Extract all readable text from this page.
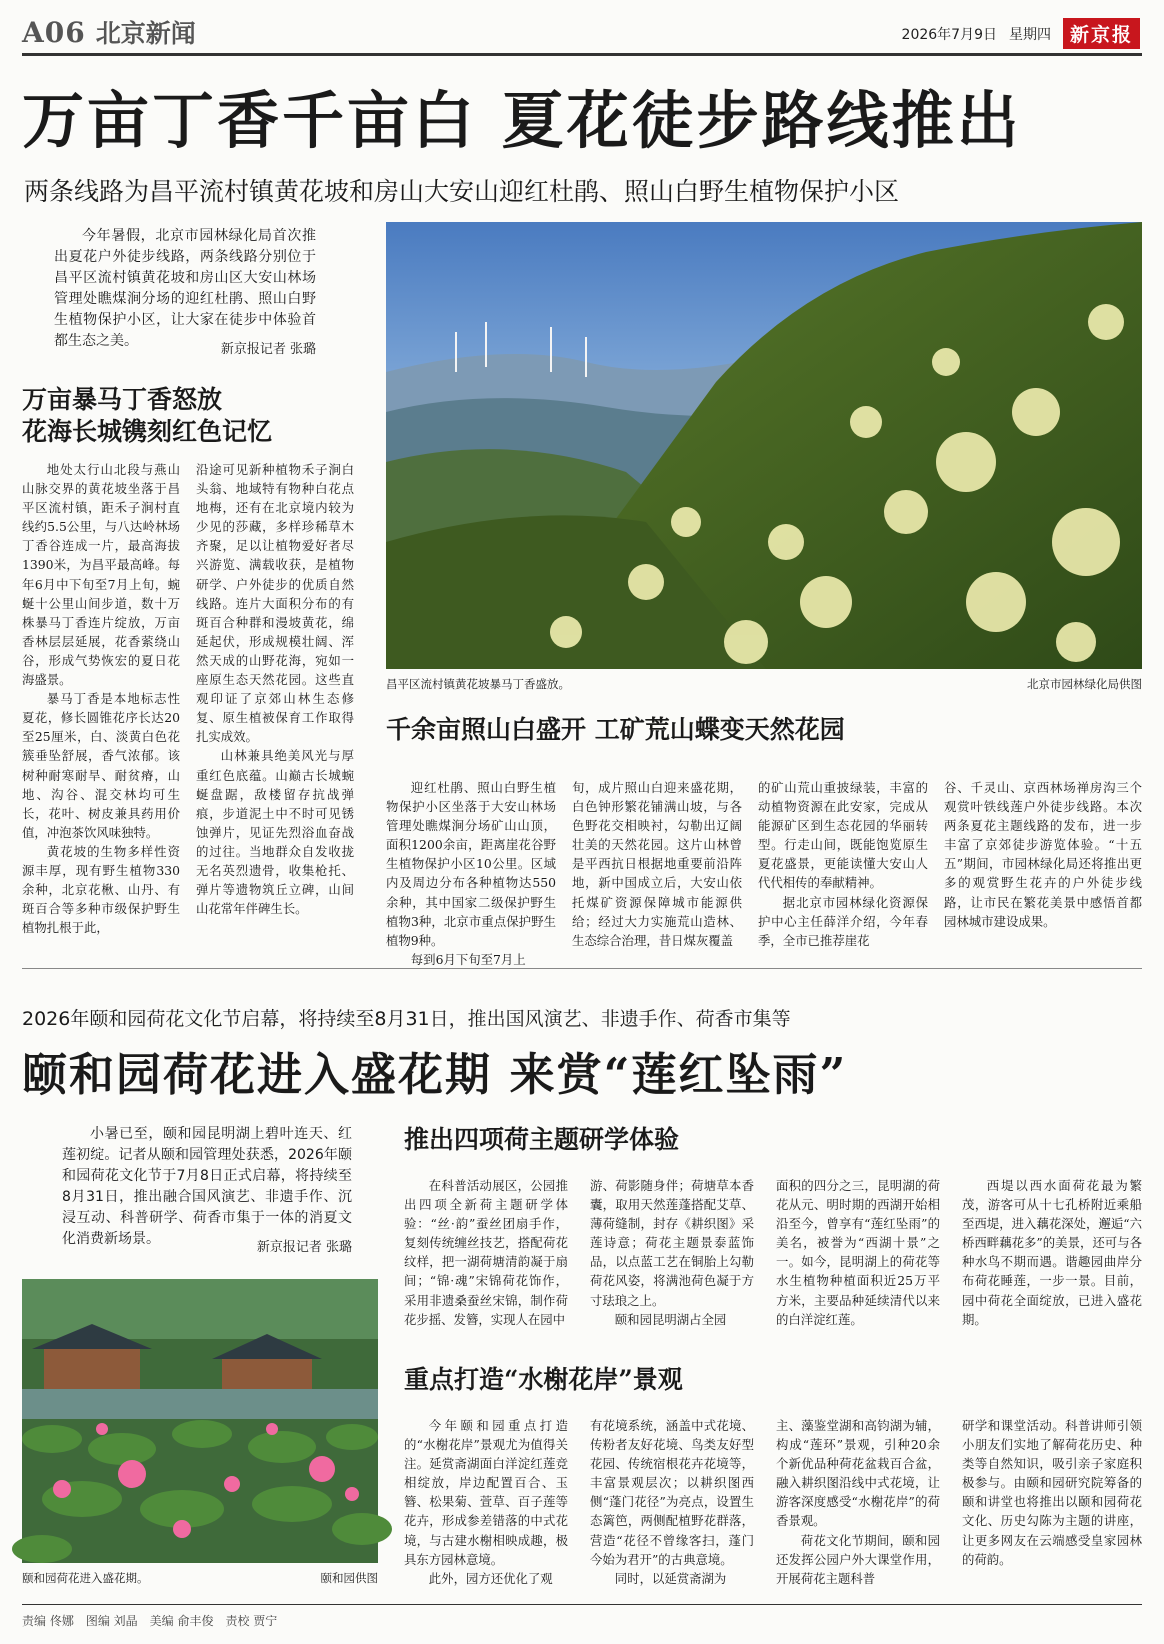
A06 北京新闻	2026年7月9日 星期四	新京报
万亩丁香千亩白 夏花徒步路线推出
两条线路为昌平流村镇黄花坡和房山大安山迎红杜鹃、照山白野生植物保护小区
今年暑假，北京市园林绿化局首次推出夏花户外徒步线路，两条线路分别位于昌平区流村镇黄花坡和房山区大安山林场管理处瞧煤涧分场的迎红杜鹃、照山白野生植物保护小区，让大家在徒步中体验首都生态之美。
新京报记者 张璐
万亩暴马丁香怒放
花海长城镌刻红色记忆

地处太行山北段与燕山山脉交界的黄花坡坐落于昌平区流村镇，距禾子涧村直线约5.5公里，与八达岭林场丁香谷连成一片，最高海拔1390米，为昌平最高峰。每年6月中下旬至7月上旬，蜿蜒十公里山间步道，数十万株暴马丁香连片绽放，万亩香林层层延展，花香萦绕山谷，形成气势恢宏的夏日花海盛景。

暴马丁香是本地标志性夏花，修长圆锥花序长达20至25厘米，白、淡黄白色花簇垂坠舒展，香气浓郁。该树种耐寒耐旱、耐贫瘠，山地、沟谷、混交林均可生长，花叶、树皮兼具药用价值，冲泡茶饮风味独特。

黄花坡的生物多样性资源丰厚，现有野生植物330余种，北京花楸、山丹、有斑百合等多种市级保护野生植物扎根于此，

沿途可见新种植物禾子涧白头翁、地域特有物种白花点地梅，还有在北京境内较为少见的莎藏，多样珍稀草木齐聚，足以让植物爱好者尽兴游览、满载收获，是植物研学、户外徒步的优质自然线路。连片大面积分布的有斑百合种群和漫坡黄花，绵延起伏，形成规模壮阔、浑然天成的山野花海，宛如一座原生态天然花园。这些直观印证了京郊山林生态修复、原生植被保育工作取得扎实成效。

山林兼具绝美风光与厚重红色底蕴。山巅古长城蜿蜒盘踞，敌楼留存抗战弹痕，步道泥土中不时可见锈蚀弹片，见证先烈浴血奋战的过往。当地群众自发收拢无名英烈遗骨，收集枪托、弹片等遗物筑丘立碑，山间山花常年伴碑生长。

昌平区流村镇黄花坡暴马丁香盛放。	北京市园林绿化局供图
千余亩照山白盛开 工矿荒山蝶变天然花园

迎红杜鹃、照山白野生植物保护小区坐落于大安山林场管理处瞧煤涧分场矿山山顶，面积1200余亩，距离崖花谷野生植物保护小区10公里。区域内及周边分布各种植物达550余种，其中国家二级保护野生植物3种，北京市重点保护野生植物9种。

每到6月下旬至7月上

旬，成片照山白迎来盛花期，白色钟形繁花铺满山坡，与各色野花交相映衬，勾勒出辽阔壮美的天然花园。这片山林曾是平西抗日根据地重要前沿阵地，新中国成立后，大安山依托煤矿资源保障城市能源供给；经过大力实施荒山造林、生态综合治理，昔日煤灰覆盖

的矿山荒山重披绿装，丰富的动植物资源在此安家，完成从能源矿区到生态花园的华丽转型。行走山间，既能饱览原生夏花盛景，更能读懂大安山人代代相传的奉献精神。

据北京市园林绿化资源保护中心主任薛洋介绍，今年春季，全市已推荐崖花

谷、千灵山、京西林场禅房沟三个观赏叶铁线莲户外徒步线路。本次两条夏花主题线路的发布，进一步丰富了京郊徒步游览体验。“十五五”期间，市园林绿化局还将推出更多的观赏野生花卉的户外徒步线路，让市民在繁花美景中感悟首都园林城市建设成果。

2026年颐和园荷花文化节启幕，将持续至8月31日，推出国风演艺、非遗手作、荷香市集等
颐和园荷花进入盛花期 来赏“莲红坠雨”
小暑已至，颐和园昆明湖上碧叶连天、红莲初绽。记者从颐和园管理处获悉，2026年颐和园荷花文化节于7月8日正式启幕，将持续至8月31日，推出融合国风演艺、非遗手作、沉浸互动、科普研学、荷香市集于一体的消夏文化消费新场景。
新京报记者 张璐
颐和园荷花进入盛花期。	颐和园供图
推出四项荷主题研学体验

在科普活动展区，公园推出四项全新荷主题研学体验：“丝·韵”蚕丝团扇手作，复刻传统缠丝技艺，搭配荷花纹样，把一湖荷塘清韵凝于扇间；“锦·魂”宋锦荷花饰作，采用非遗桑蚕丝宋锦，制作荷花步摇、发簪，实现人在园中

游、荷影随身伴；荷塘草本香囊，取用天然莲蓬搭配艾草、薄荷缝制，封存《耕织图》采莲诗意；荷花主题景泰蓝饰品，以点蓝工艺在铜胎上勾勒荷花风姿，将满池荷色凝于方寸珐琅之上。

颐和园昆明湖占全园

面积的四分之三，昆明湖的荷花从元、明时期的西湖开始相沿至今，曾享有“莲红坠雨”的美名，被誉为“西湖十景”之一。如今，昆明湖上的荷花等水生植物种植面积近25万平方米，主要品种延续清代以来的白洋淀红莲。

西堤以西水面荷花最为繁茂，游客可从十七孔桥附近乘船至西堤，进入藕花深处，邂逅“六桥西畔藕花多”的美景，还可与各种水鸟不期而遇。谐趣园曲岸分布荷花睡莲，一步一景。目前，园中荷花全面绽放，已进入盛花期。

重点打造“水榭花岸”景观

今年颐和园重点打造的“水榭花岸”景观尤为值得关注。延赏斋湖面白洋淀红莲竞相绽放，岸边配置百合、玉簪、松果菊、萱草、百子莲等花卉，形成参差错落的中式花境，与古建水榭相映成趣，极具东方园林意境。

此外，园方还优化了观

有花境系统，涵盖中式花境、传粉者友好花境、鸟类友好型花园、传统宿根花卉花境等，丰富景观层次；以耕织图西侧“蓬门花径”为亮点，设置生态篱笆，两侧配植野花群落，营造“花径不曾缘客扫，蓬门今始为君开”的古典意境。

同时，以延赏斋湖为

主、藻鉴堂湖和高钧湖为辅，构成“莲环”景观，引种20余个新优品种荷花盆栽百合盆，融入耕织图沿线中式花境，让游客深度感受“水榭花岸”的荷香景观。

荷花文化节期间，颐和园还发挥公园户外大课堂作用，开展荷花主题科普

研学和课堂活动。科普讲师引领小朋友们实地了解荷花历史、种类等自然知识，吸引亲子家庭积极参与。由颐和园研究院筹备的颐和讲堂也将推出以颐和园荷花文化、历史勾陈为主题的讲座，让更多网友在云端感受皇家园林的荷韵。

责编 佟娜 图编 刘晶 美编 俞丰俊 责校 贾宁
